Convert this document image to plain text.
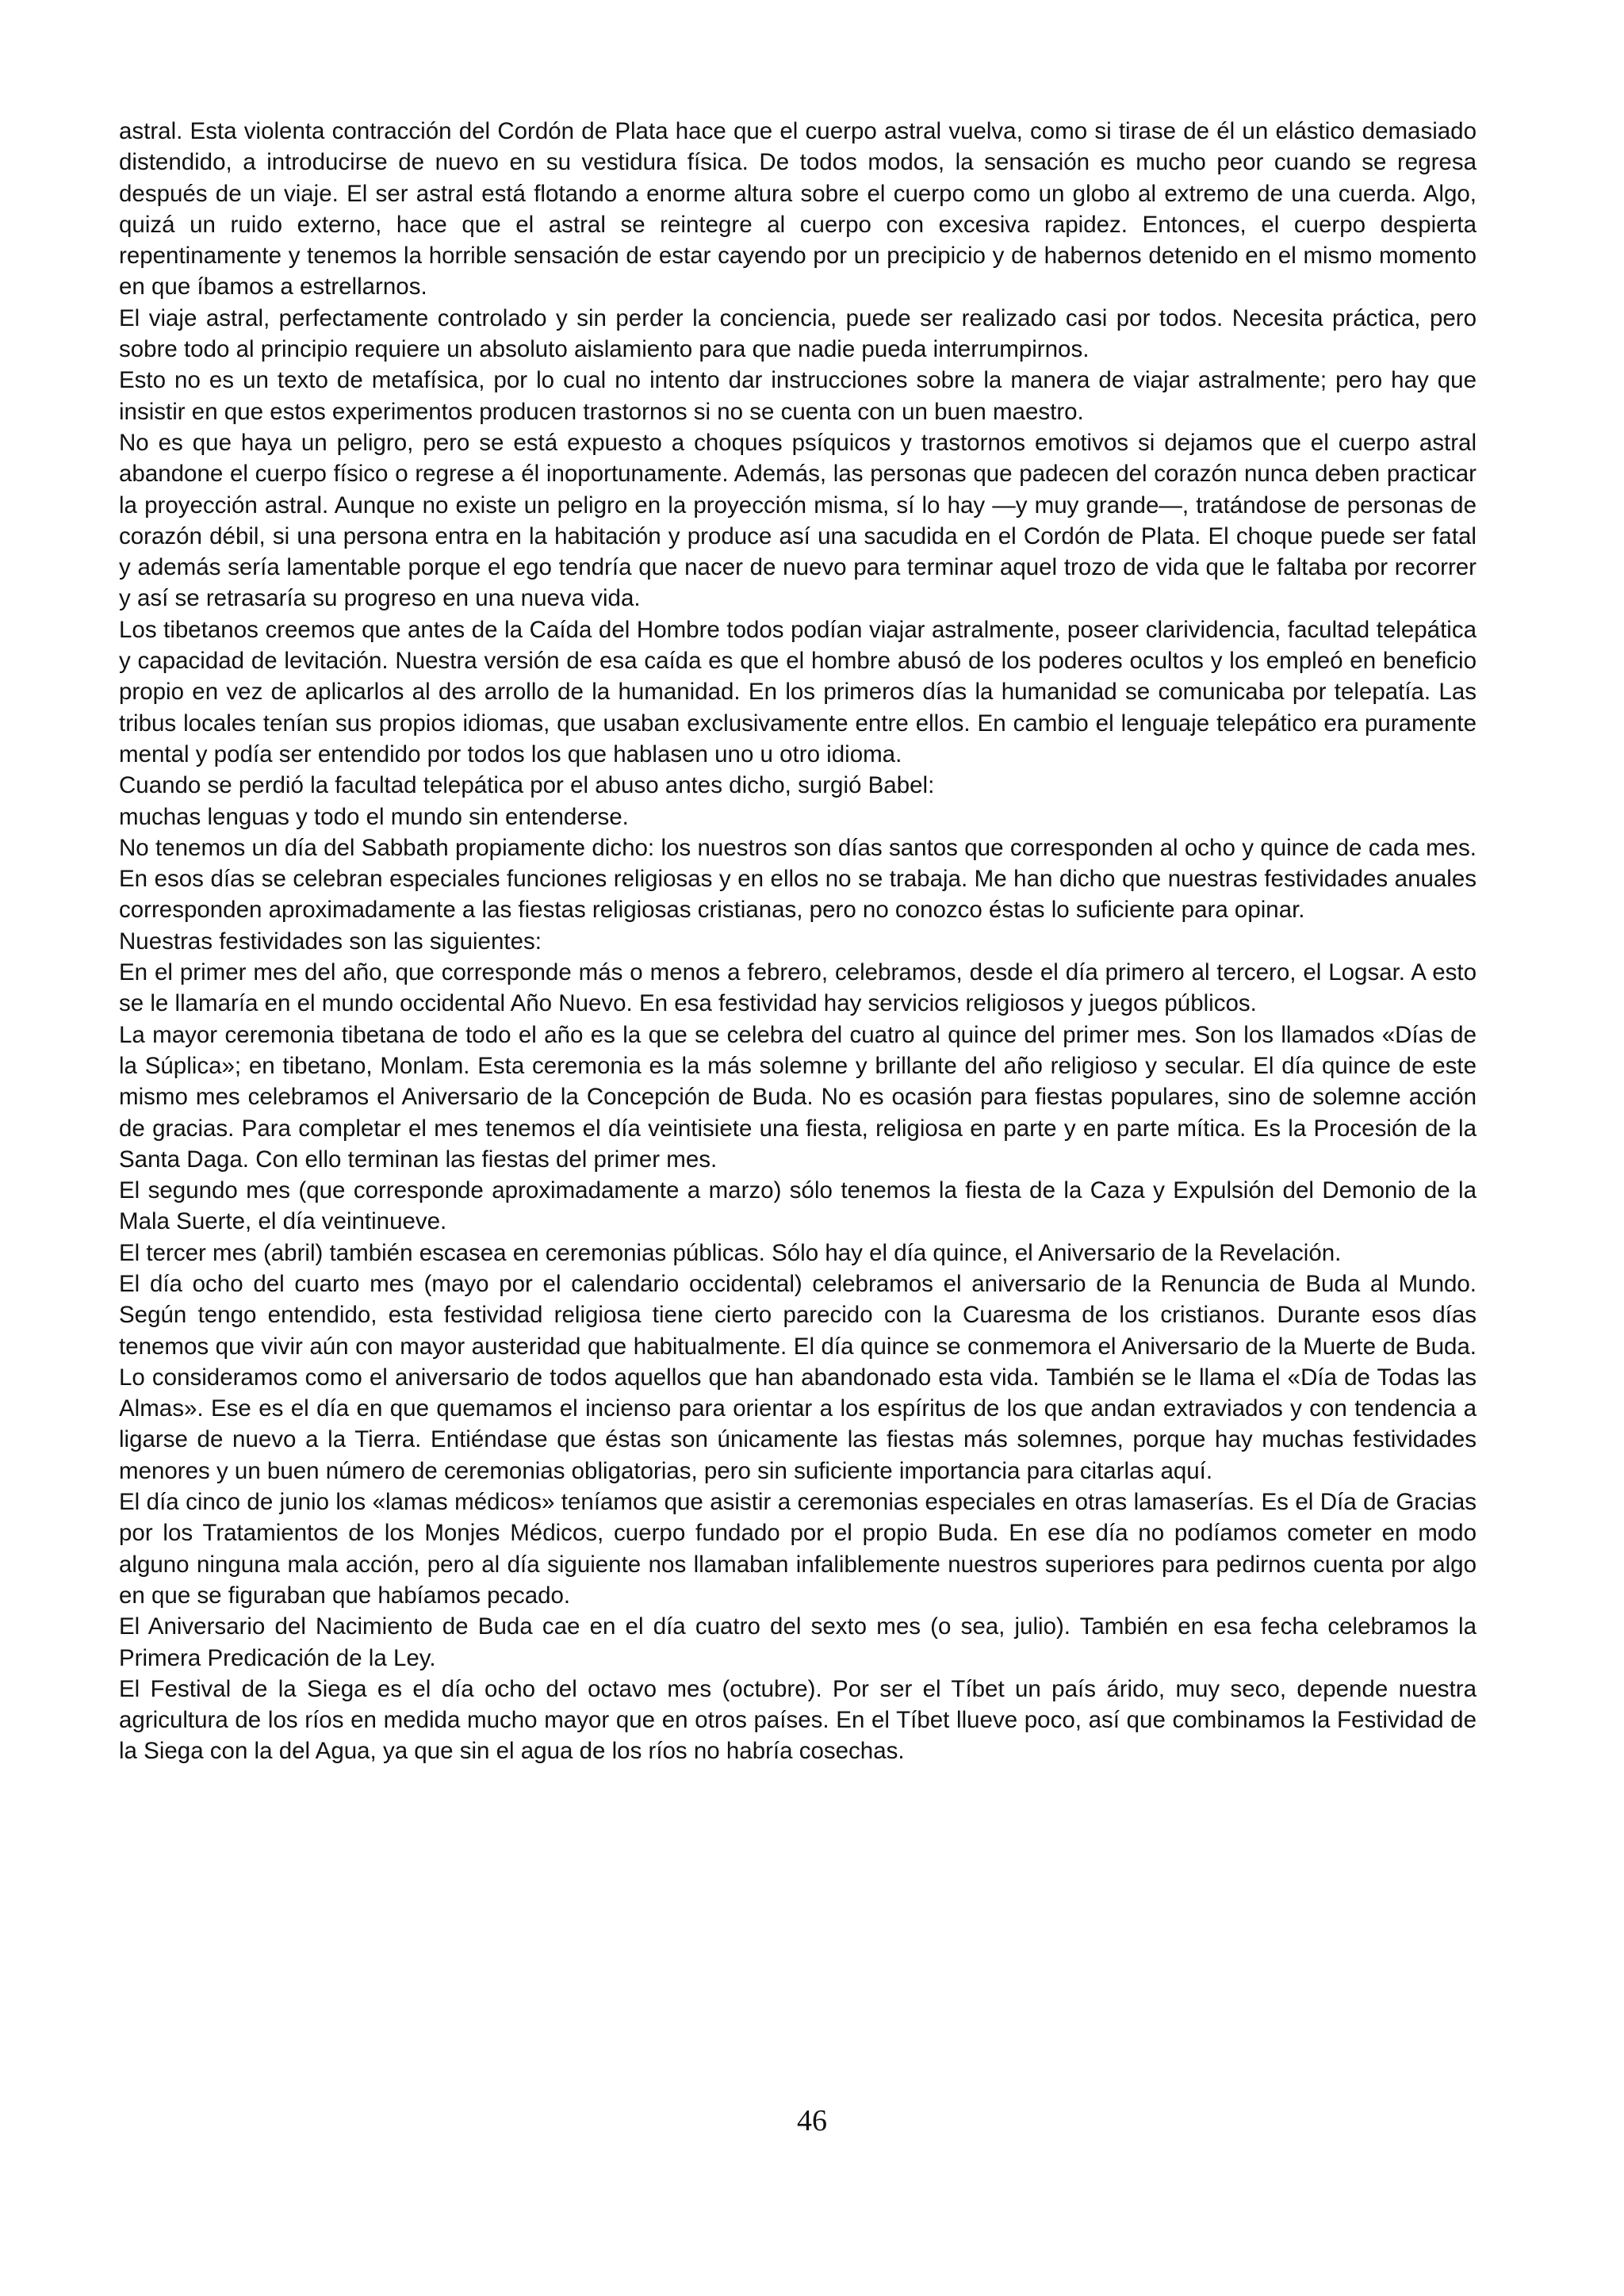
astral. Esta violenta contracción del Cordón de Plata hace que el cuerpo astral vuelva, como si tirase de él un elástico demasiado distendido, a introducirse de nuevo en su vestidura física. De todos modos, la sensación es mucho peor cuando se regresa después de un viaje. El ser astral está flotando a enorme altura sobre el cuerpo como un globo al extremo de una cuerda. Algo, quizá un ruido externo, hace que el astral se reintegre al cuerpo con excesiva rapidez. Entonces, el cuerpo despierta repentinamente y tenemos la horrible sensación de estar cayendo por un precipicio y de habernos detenido en el mismo momento en que íbamos a estrellarnos.

El viaje astral, perfectamente controlado y sin perder la conciencia, puede ser realizado casi por todos. Necesita práctica, pero sobre todo al principio requiere un absoluto aislamiento para que nadie pueda interrumpirnos.

Esto no es un texto de metafísica, por lo cual no intento dar instrucciones sobre la manera de viajar astralmente; pero hay que insistir en que estos experimentos producen trastornos si no se cuenta con un buen maestro.

No es que haya un peligro, pero se está expuesto a choques psíquicos y trastornos emotivos si dejamos que el cuerpo astral abandone el cuerpo físico o regrese a él inoportunamente. Además, las personas que padecen del corazón nunca deben practicar la proyección astral. Aunque no existe un peligro en la proyección misma, sí lo hay —y muy grande—, tratándose de personas de corazón débil, si una persona entra en la habitación y produce así una sacudida en el Cordón de Plata. El choque puede ser fatal y además sería lamentable porque el ego tendría que nacer de nuevo para terminar aquel trozo de vida que le faltaba por recorrer y así se retrasaría su progreso en una nueva vida.

Los tibetanos creemos que antes de la Caída del Hombre todos podían viajar astralmente, poseer clarividencia, facultad telepática y capacidad de levitación. Nuestra versión de esa caída es que el hombre abusó de los poderes ocultos y los empleó en beneficio propio en vez de aplicarlos al des arrollo de la humanidad. En los primeros días la humanidad se comunicaba por telepatía. Las tribus locales tenían sus propios idiomas, que usaban exclusivamente entre ellos. En cambio el lenguaje telepático era puramente mental y podía ser entendido por todos los que hablasen uno u otro idioma.

Cuando se perdió la facultad telepática por el abuso antes dicho, surgió Babel:
muchas lenguas y todo el mundo sin entenderse.

No tenemos un día del Sabbath propiamente dicho: los nuestros son días santos que corresponden al ocho y quince de cada mes. En esos días se celebran especiales funciones religiosas y en ellos no se trabaja. Me han dicho que nuestras festividades anuales corresponden aproximadamente a las fiestas religiosas cristianas, pero no conozco éstas lo suficiente para opinar.

Nuestras festividades son las siguientes:

En el primer mes del año, que corresponde más o menos a febrero, celebramos, desde el día primero al tercero, el Logsar. A esto se le llamaría en el mundo occidental Año Nuevo. En esa festividad hay servicios religiosos y juegos públicos.

La mayor ceremonia tibetana de todo el año es la que se celebra del cuatro al quince del primer mes. Son los llamados «Días de la Súplica»; en tibetano, Monlam. Esta ceremonia es la más solemne y brillante del año religioso y secular. El día quince de este mismo mes celebramos el Aniversario de la Concepción de Buda. No es ocasión para fiestas populares, sino de solemne acción de gracias. Para completar el mes tenemos el día veintisiete una fiesta, religiosa en parte y en parte mítica. Es la Procesión de la Santa Daga. Con ello terminan las fiestas del primer mes.

El segundo mes (que corresponde aproximadamente a marzo) sólo tenemos la fiesta de la Caza y Expulsión del Demonio de la Mala Suerte, el día veintinueve.

El tercer mes (abril) también escasea en ceremonias públicas. Sólo hay el día quince, el Aniversario de la Revelación.

El día ocho del cuarto mes (mayo por el calendario occidental) celebramos el aniversario de la Renuncia de Buda al Mundo. Según tengo entendido, esta festividad religiosa tiene cierto parecido con la Cuaresma de los cristianos. Durante esos días tenemos que vivir aún con mayor austeridad que habitualmente. El día quince se conmemora el Aniversario de la Muerte de Buda. Lo consideramos como el aniversario de todos aquellos que han abandonado esta vida. También se le llama el «Día de Todas las Almas». Ese es el día en que quemamos el incienso para orientar a los espíritus de los que andan extraviados y con tendencia a ligarse de nuevo a la Tierra. Entiéndase que éstas son únicamente las fiestas más solemnes, porque hay muchas festividades menores y un buen número de ceremonias obligatorias, pero sin suficiente importancia para citarlas aquí.

El día cinco de junio los «lamas médicos» teníamos que asistir a ceremonias especiales en otras lamaserías. Es el Día de Gracias por los Tratamientos de los Monjes Médicos, cuerpo fundado por el propio Buda. En ese día no podíamos cometer en modo alguno ninguna mala acción, pero al día siguiente nos llamaban infaliblemente nuestros superiores para pedirnos cuenta por algo en que se figuraban que habíamos pecado.

El Aniversario del Nacimiento de Buda cae en el día cuatro del sexto mes (o sea, julio). También en esa fecha celebramos la Primera Predicación de la Ley.

El Festival de la Siega es el día ocho del octavo mes (octubre). Por ser el Tíbet un país árido, muy seco, depende nuestra agricultura de los ríos en medida mucho mayor que en otros países. En el Tíbet llueve poco, así que combinamos la Festividad de la Siega con la del Agua, ya que sin el agua de los ríos no habría cosechas.

46
